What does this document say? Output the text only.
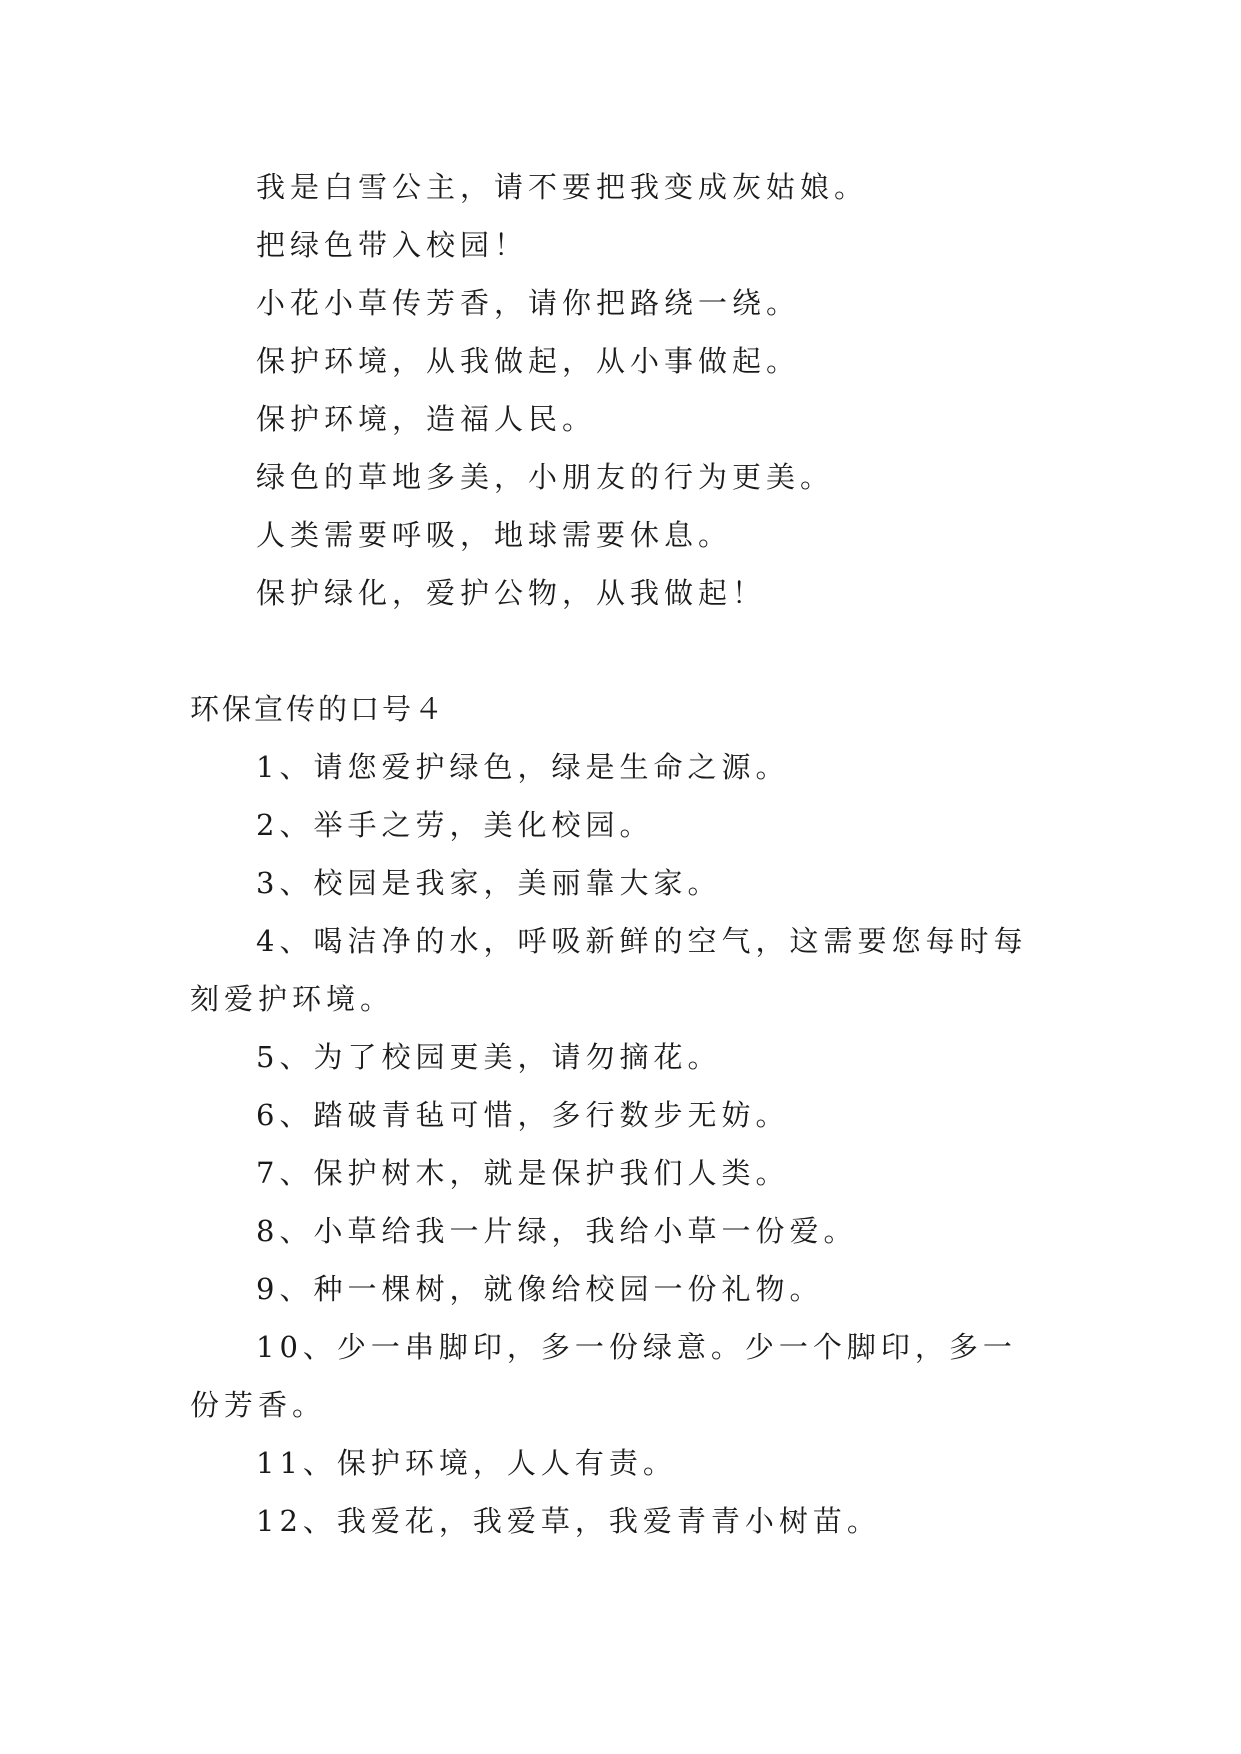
我是白雪公主，请不要把我变成灰姑娘。

把绿色带入校园！

小花小草传芳香，请你把路绕一绕。

保护环境，从我做起，从小事做起。

保护环境，造福人民。

绿色的草地多美，小朋友的行为更美。

人类需要呼吸，地球需要休息。

保护绿化，爱护公物，从我做起！

环保宣传的口号４

1、请您爱护绿色，绿是生命之源。

2、举手之劳，美化校园。

3、校园是我家，美丽靠大家。

4、喝洁净的水，呼吸新鲜的空气，这需要您每时每刻爱护环境。

5、为了校园更美，请勿摘花。

6、踏破青毡可惜，多行数步无妨。

7、保护树木，就是保护我们人类。

8、小草给我一片绿，我给小草一份爱。

9、种一棵树，就像给校园一份礼物。

10、少一串脚印，多一份绿意。少一个脚印，多一份芳香。

11、保护环境，人人有责。

12、我爱花，我爱草，我爱青青小树苗。
